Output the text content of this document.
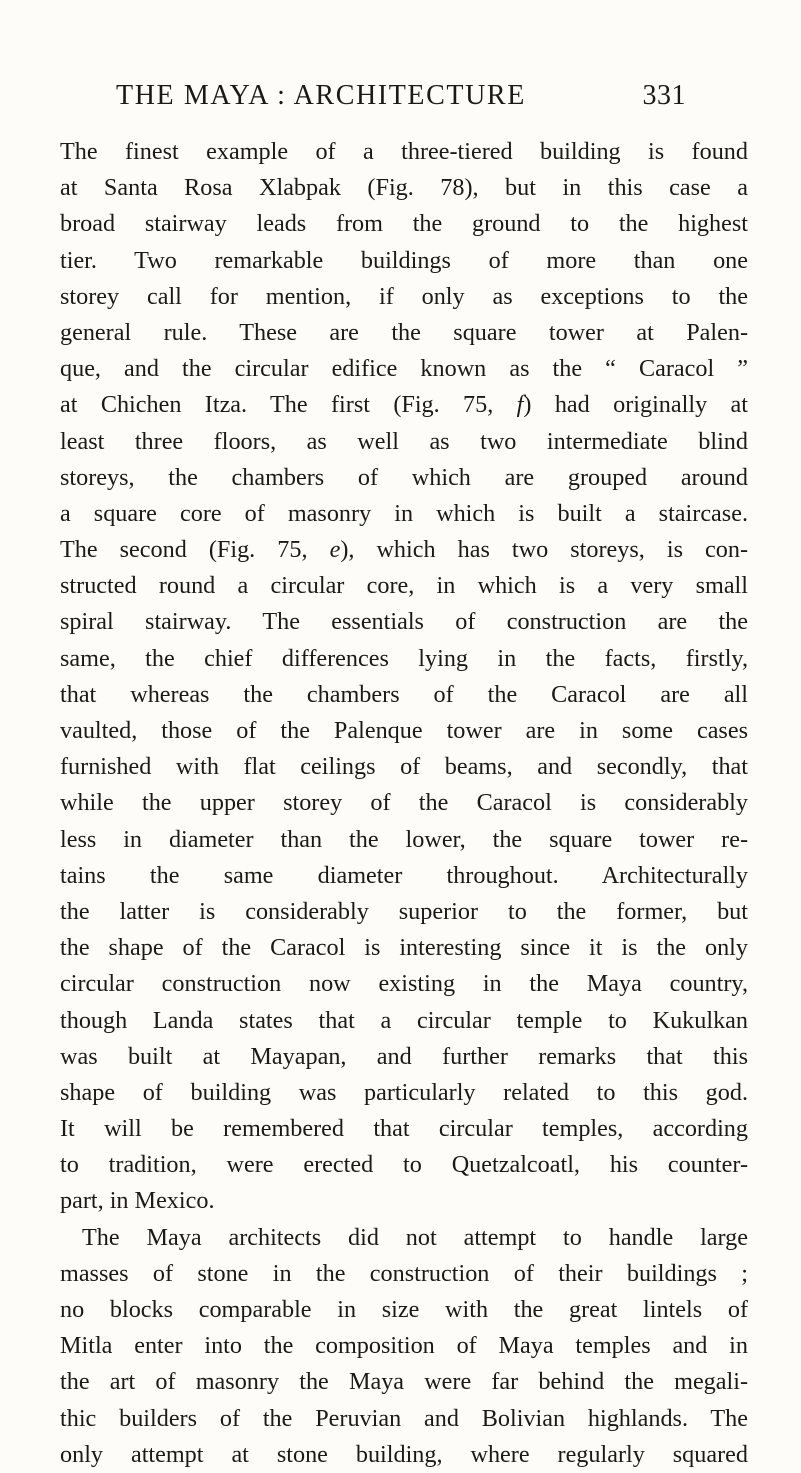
THE MAYA : ARCHITECTURE	331
The finest example of a three-tiered building is found
at Santa Rosa Xlabpak (Fig. 78), but in this case a
broad stairway leads from the ground to the highest
tier. Two remarkable buildings of more than one
storey call for mention, if only as exceptions to the
general rule. These are the square tower at Palen-
que, and the circular edifice known as the “ Caracol ”
at Chichen Itza. The first (Fig. 75, f) had originally at
least three floors, as well as two intermediate blind
storeys, the chambers of which are grouped around
a square core of masonry in which is built a staircase.
The second (Fig. 75, e), which has two storeys, is con-
structed round a circular core, in which is a very small
spiral stairway. The essentials of construction are the
same, the chief differences lying in the facts, firstly,
that whereas the chambers of the Caracol are all
vaulted, those of the Palenque tower are in some cases
furnished with flat ceilings of beams, and secondly, that
while the upper storey of the Caracol is considerably
less in diameter than the lower, the square tower re-
tains the same diameter throughout. Architecturally
the latter is considerably superior to the former, but
the shape of the Caracol is interesting since it is the only
circular construction now existing in the Maya country,
though Landa states that a circular temple to Kukulkan
was built at Mayapan, and further remarks that this
shape of building was particularly related to this god.
It will be remembered that circular temples, according
to tradition, were erected to Quetzalcoatl, his counter-
part, in Mexico.
The Maya architects did not attempt to handle large
masses of stone in the construction of their buildings ;
no blocks comparable in size with the great lintels of
Mitla enter into the composition of Maya temples and in
the art of masonry the Maya were far behind the megali-
thic builders of the Peruvian and Bolivian highlands. The
only attempt at stone building, where regularly squared
